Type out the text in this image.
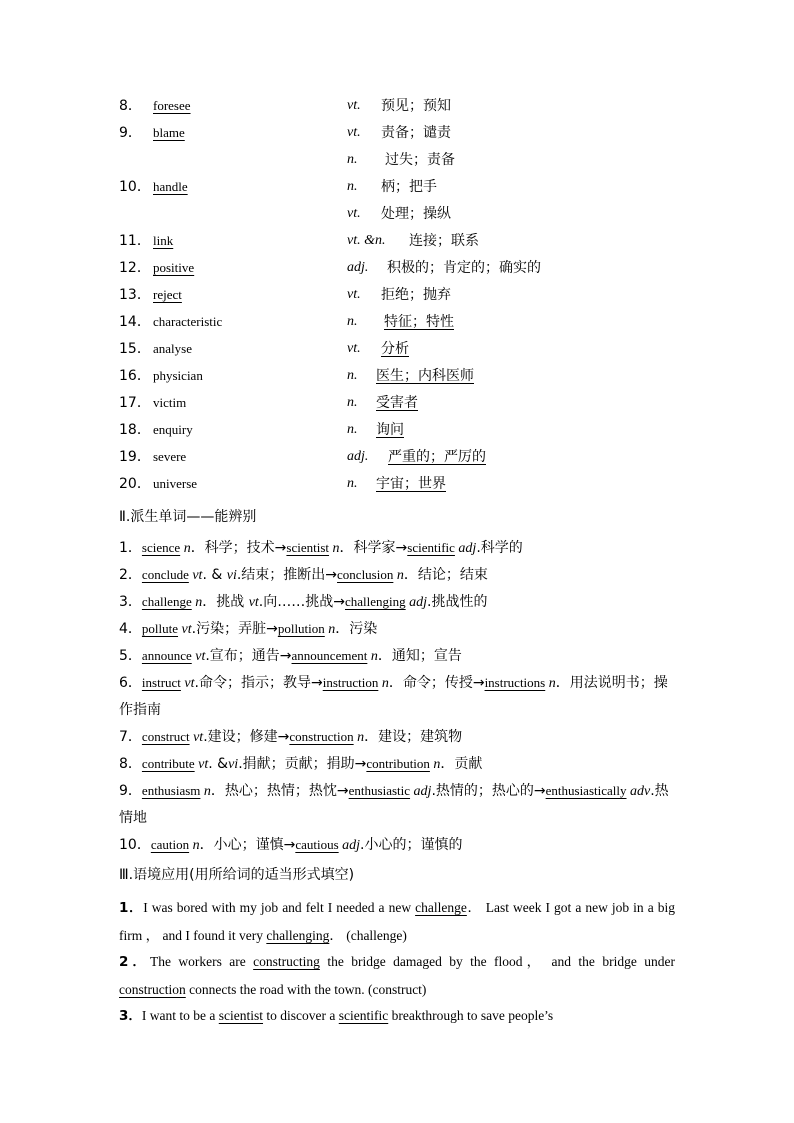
8． foresee	vt. 预见；预知
9． blame	vt. 责备；谴责
n. 过失；责备
10． handle	n. 柄；把手
vt. 处理；操纵
11． link	vt. &n. 连接；联系
12． positive	adj. 积极的；肯定的；确实的
13． reject	vt. 拒绝；抛弃
14． characteristic	n. 特征；特性
15． analyse	vt. 分析
16． physician	n. 医生；内科医师
17． victim	n. 受害者
18． enquiry	n. 询问
19． severe	adj. 严重的；严厉的
20． universe	n. 宇宙；世界
Ⅱ.派生单词——能辨别
1．science n．科学；技术→scientist n．科学家→scientific adj.科学的
2．conclude vt. & vi.结束；推断出→conclusion n．结论；结束
3．challenge n．挑战 vt.向……挑战→challenging adj.挑战性的
4．pollute vt.污染；弄脏→pollution n．污染
5．announce vt.宣布；通告→announcement n．通知；宣告
6．instruct vt.命令；指示；教导→instruction n．命令；传授→instructions n．用法说明书；操作指南
7．construct vt.建设；修建→construction n．建设；建筑物
8．contribute vt. &vi.捐献；贡献；捐助→contribution n．贡献
9．enthusiasm n．热心；热情；热忱→enthusiastic adj.热情的；热心的→enthusiastically adv.热情地
10．caution n．小心；谨慎→cautious adj.小心的；谨慎的
Ⅲ.语境应用(用所给词的适当形式填空)
1．I was bored with my job and felt I needed a new challenge． Last week I got a new job in a big firm ， and I found it very challenging． (challenge)
2．The workers are constructing the bridge damaged by the flood， and the bridge under construction connects the road with the town. (construct)
3．I want to be a scientist to discover a scientific breakthrough to save people’s
